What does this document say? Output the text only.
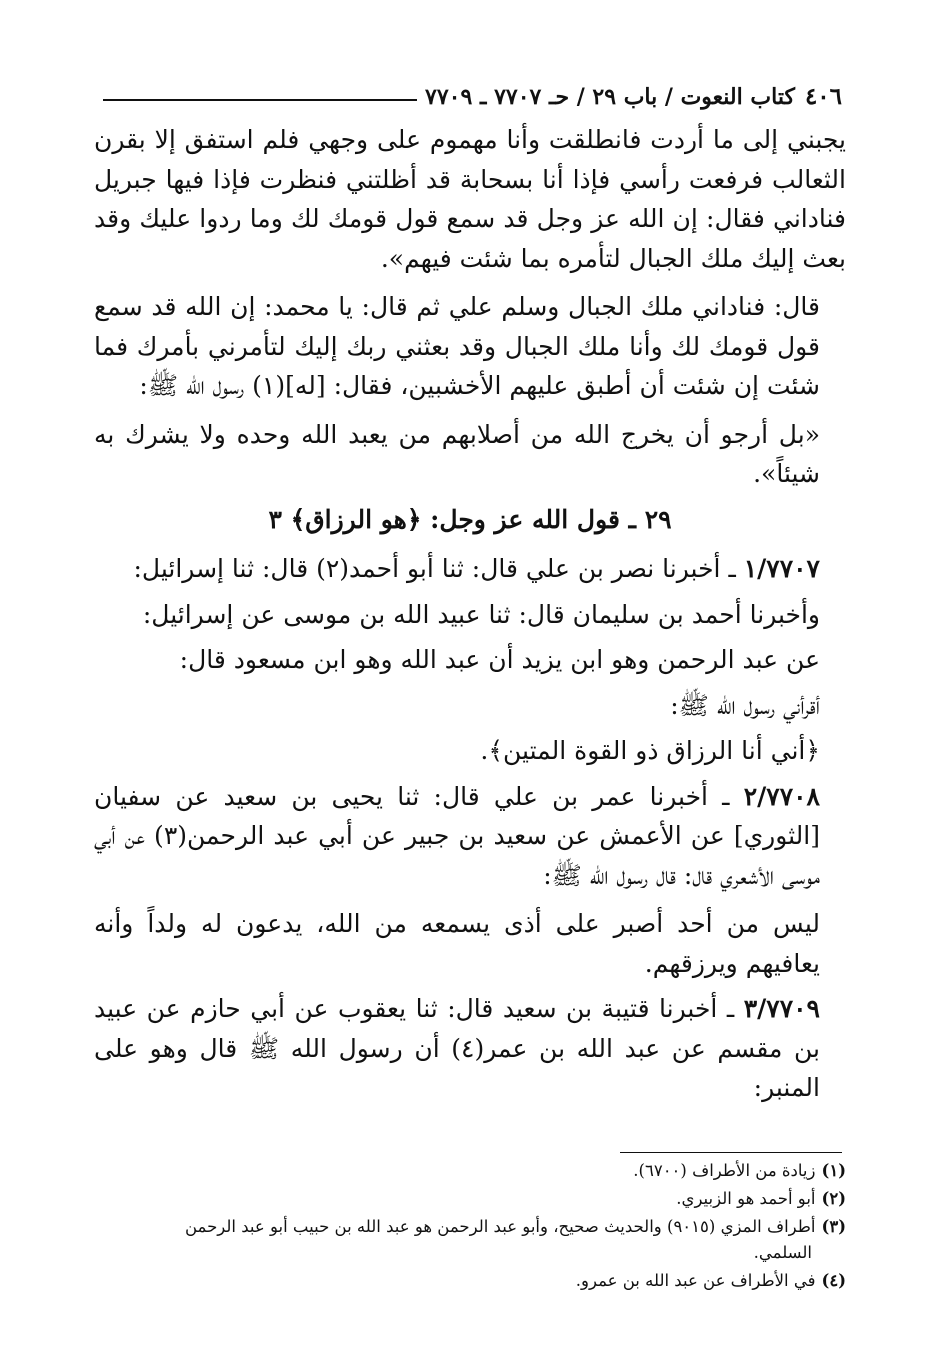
٤٠٦
كتاب النعوت / باب ٢٩ / حـ ٧٧٠٧ ـ ٧٧٠٩

يجبني إلى ما أردت فانطلقت وأنا مهموم على وجهي فلم استفق إلا بقرن الثعالب فرفعت رأسي فإذا أنا بسحابة قد أظلتني فنظرت فإذا فيها جبريل فناداني فقال: إن الله عز وجل قد سمع قول قومك لك وما ردوا عليك وقد بعث إليك ملك الجبال لتأمره بما شئت فيهم».

قال: فناداني ملك الجبال وسلم علي ثم قال: يا محمد: إن الله قد سمع قول قومك لك وأنا ملك الجبال وقد بعثني ربك إليك لتأمرني بأمرك فما شئت إن شئت أن أطبق عليهم الأخشبين، فقال: [له](١) رسول الله ﷺ:

«بل أرجو أن يخرج الله من أصلابهم من يعبد الله وحده ولا يشرك به شيئاً».

٢٩ ـ قول الله عز وجل: ﴿هو الرزاق﴾ ٣

١/٧٧٠٧ ـ أخبرنا نصر بن علي قال: ثنا أبو أحمد(٢) قال: ثنا إسرائيل:

وأخبرنا أحمد بن سليمان قال: ثنا عبيد الله بن موسى عن إسرائيل:

عن عبد الرحمن وهو ابن يزيد أن عبد الله وهو ابن مسعود قال:

أقرأني رسول الله ﷺ:

﴿أني أنا الرزاق ذو القوة المتين﴾.

٢/٧٧٠٨ ـ أخبرنا عمر بن علي قال: ثنا يحيى بن سعيد عن سفيان [الثوري] عن الأعمش عن سعيد بن جبير عن أبي عبد الرحمن(٣) عن أبي موسى الأشعري قال: قال رسول الله ﷺ:

ليس من أحد أصبر على أذى يسمعه من الله، يدعون له ولداً وأنه يعافيهم ويرزقهم.

٣/٧٧٠٩ ـ أخبرنا قتيبة بن سعيد قال: ثنا يعقوب عن أبي حازم عن عبيد بن مقسم عن عبد الله بن عمر(٤) أن رسول الله ﷺ قال وهو على المنبر:

(١)زيادة من الأطراف (٦٧٠٠).
(٢)أبو أحمد هو الزبيري.
(٣)أطراف المزي (٩٠١٥) والحديث صحيح، وأبو عبد الرحمن هو عبد الله بن حبيب أبو عبد الرحمن
السلمي.
(٤)في الأطراف عن عبد الله بن عمرو.
